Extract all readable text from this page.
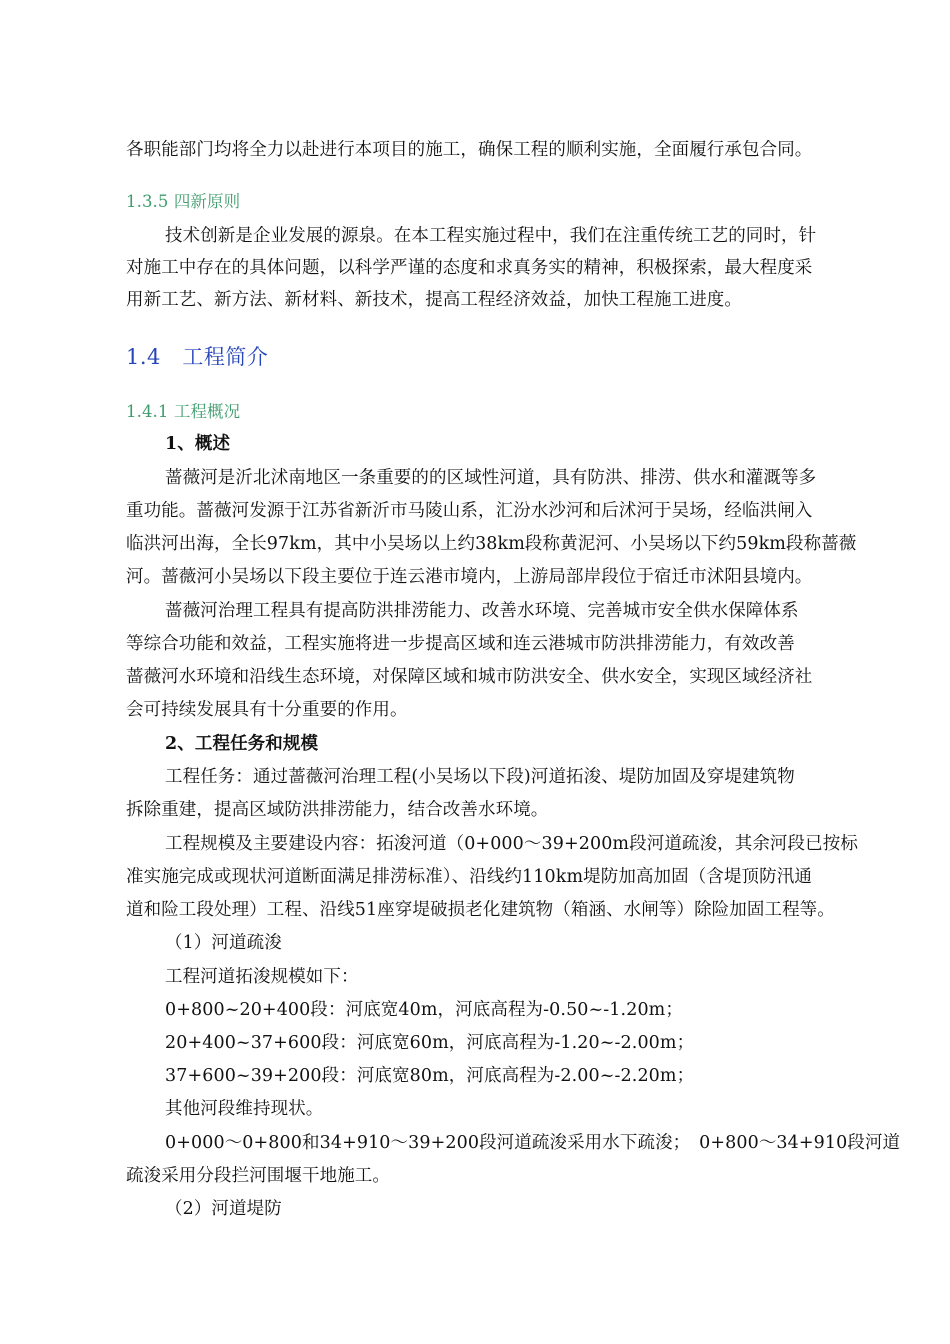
各职能部门均将全力以赴进行本项目的施工，确保工程的顺利实施，全面履行承包合同。
1.3.5 四新原则
技术创新是企业发展的源泉。在本工程实施过程中，我们在注重传统工艺的同时，针
对施工中存在的具体问题，以科学严谨的态度和求真务实的精神，积极探索，最大程度采
用新工艺、新方法、新材料、新技术，提高工程经济效益，加快工程施工进度。
1.4　工程简介
1.4.1 工程概况
1、概述
蔷薇河是沂北沭南地区一条重要的的区域性河道，具有防洪、排涝、供水和灌溉等多
重功能。蔷薇河发源于江苏省新沂市马陵山系，汇汾水沙河和后沭河于吴场，经临洪闸入
临洪河出海，全长97km，其中小吴场以上约38km段称黄泥河、小吴场以下约59km段称蔷薇
河。蔷薇河小吴场以下段主要位于连云港市境内，上游局部岸段位于宿迁市沭阳县境内。
蔷薇河治理工程具有提高防洪排涝能力、改善水环境、完善城市安全供水保障体系
等综合功能和效益，工程实施将进一步提高区域和连云港城市防洪排涝能力，有效改善
蔷薇河水环境和沿线生态环境，对保障区域和城市防洪安全、供水安全，实现区域经济社
会可持续发展具有十分重要的作用。
2、工程任务和规模
工程任务：通过蔷薇河治理工程(小吴场以下段)河道拓浚、堤防加固及穿堤建筑物
拆除重建，提高区域防洪排涝能力，结合改善水环境。
工程规模及主要建设内容：拓浚河道（0+000～39+200m段河道疏浚，其余河段已按标
准实施完成或现状河道断面满足排涝标准）、沿线约110km堤防加高加固（含堤顶防汛通
道和险工段处理）工程、沿线51座穿堤破损老化建筑物（箱涵、水闸等）除险加固工程等。
（1）河道疏浚
工程河道拓浚规模如下：
0+800~20+400段：河底宽40m，河底高程为-0.50~-1.20m；
20+400~37+600段：河底宽60m，河底高程为-1.20~-2.00m；
37+600~39+200段：河底宽80m，河底高程为-2.00~-2.20m；
其他河段维持现状。
0+000～0+800和34+910～39+200段河道疏浚采用水下疏浚；　0+800～34+910段河道
疏浚采用分段拦河围堰干地施工。
（2）河道堤防
